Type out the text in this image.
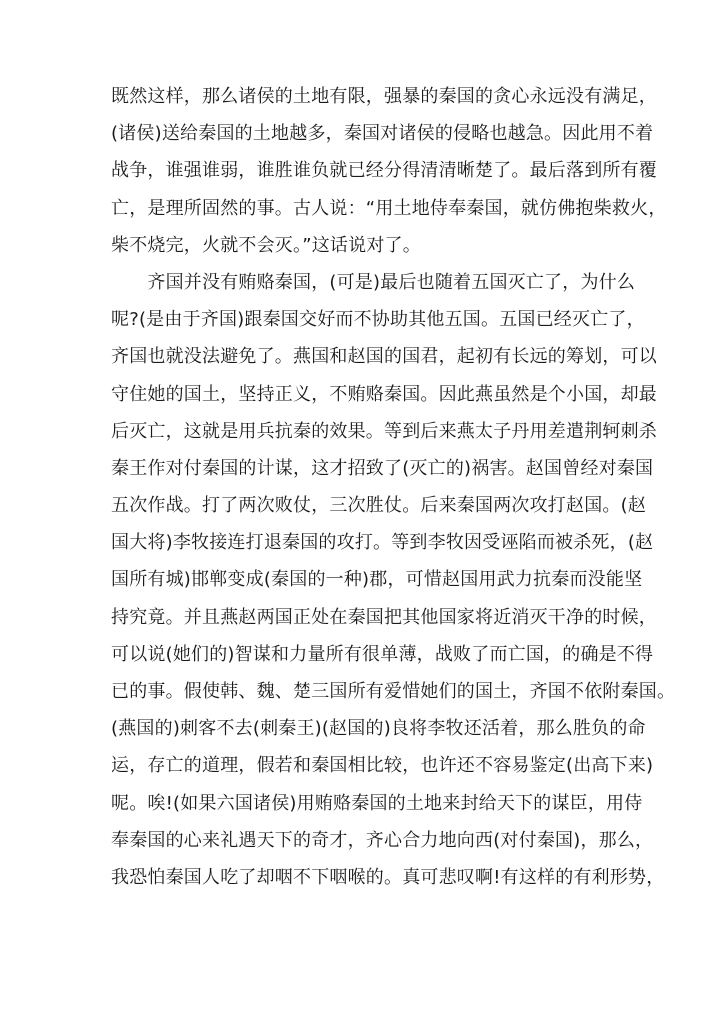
既然这样，那么诸侯的土地有限，强暴的秦国的贪心永远没有满足，
(诸侯)送给秦国的土地越多，秦国对诸侯的侵略也越急。因此用不着
战争，谁强谁弱，谁胜谁负就已经分得清清晰楚了。最后落到所有覆
亡，是理所固然的事。古人说：“用土地侍奉秦国，就仿佛抱柴救火，
柴不烧完，火就不会灭。”这话说对了。
　　齐国并没有贿赂秦国，(可是)最后也随着五国灭亡了，为什么
呢?(是由于齐国)跟秦国交好而不协助其他五国。五国已经灭亡了，
齐国也就没法避免了。燕国和赵国的国君，起初有长远的筹划，可以
守住她的国土，坚持正义，不贿赂秦国。因此燕虽然是个小国，却最
后灭亡，这就是用兵抗秦的效果。等到后来燕太子丹用差遣荆轲刺杀
秦王作对付秦国的计谋，这才招致了(灭亡的)祸害。赵国曾经对秦国
五次作战。打了两次败仗，三次胜仗。后来秦国两次攻打赵国。(赵
国大将)李牧接连打退秦国的攻打。等到李牧因受诬陷而被杀死，(赵
国所有城)邯郸变成(秦国的一种)郡，可惜赵国用武力抗秦而没能坚
持究竟。并且燕赵两国正处在秦国把其他国家将近消灭干净的时候，
可以说(她们的)智谋和力量所有很单薄，战败了而亡国，的确是不得
已的事。假使韩、魏、楚三国所有爱惜她们的国土，齐国不依附秦国。
(燕国的)刺客不去(刺秦王)(赵国的)良将李牧还活着，那么胜负的命
运，存亡的道理，假若和秦国相比较，也许还不容易鉴定(出高下来)
呢。唉!(如果六国诸侯)用贿赂秦国的土地来封给天下的谋臣，用侍
奉秦国的心来礼遇天下的奇才，齐心合力地向西(对付秦国)，那么，
我恐怕秦国人吃了却咽不下咽喉的。真可悲叹啊!有这样的有利形势，
